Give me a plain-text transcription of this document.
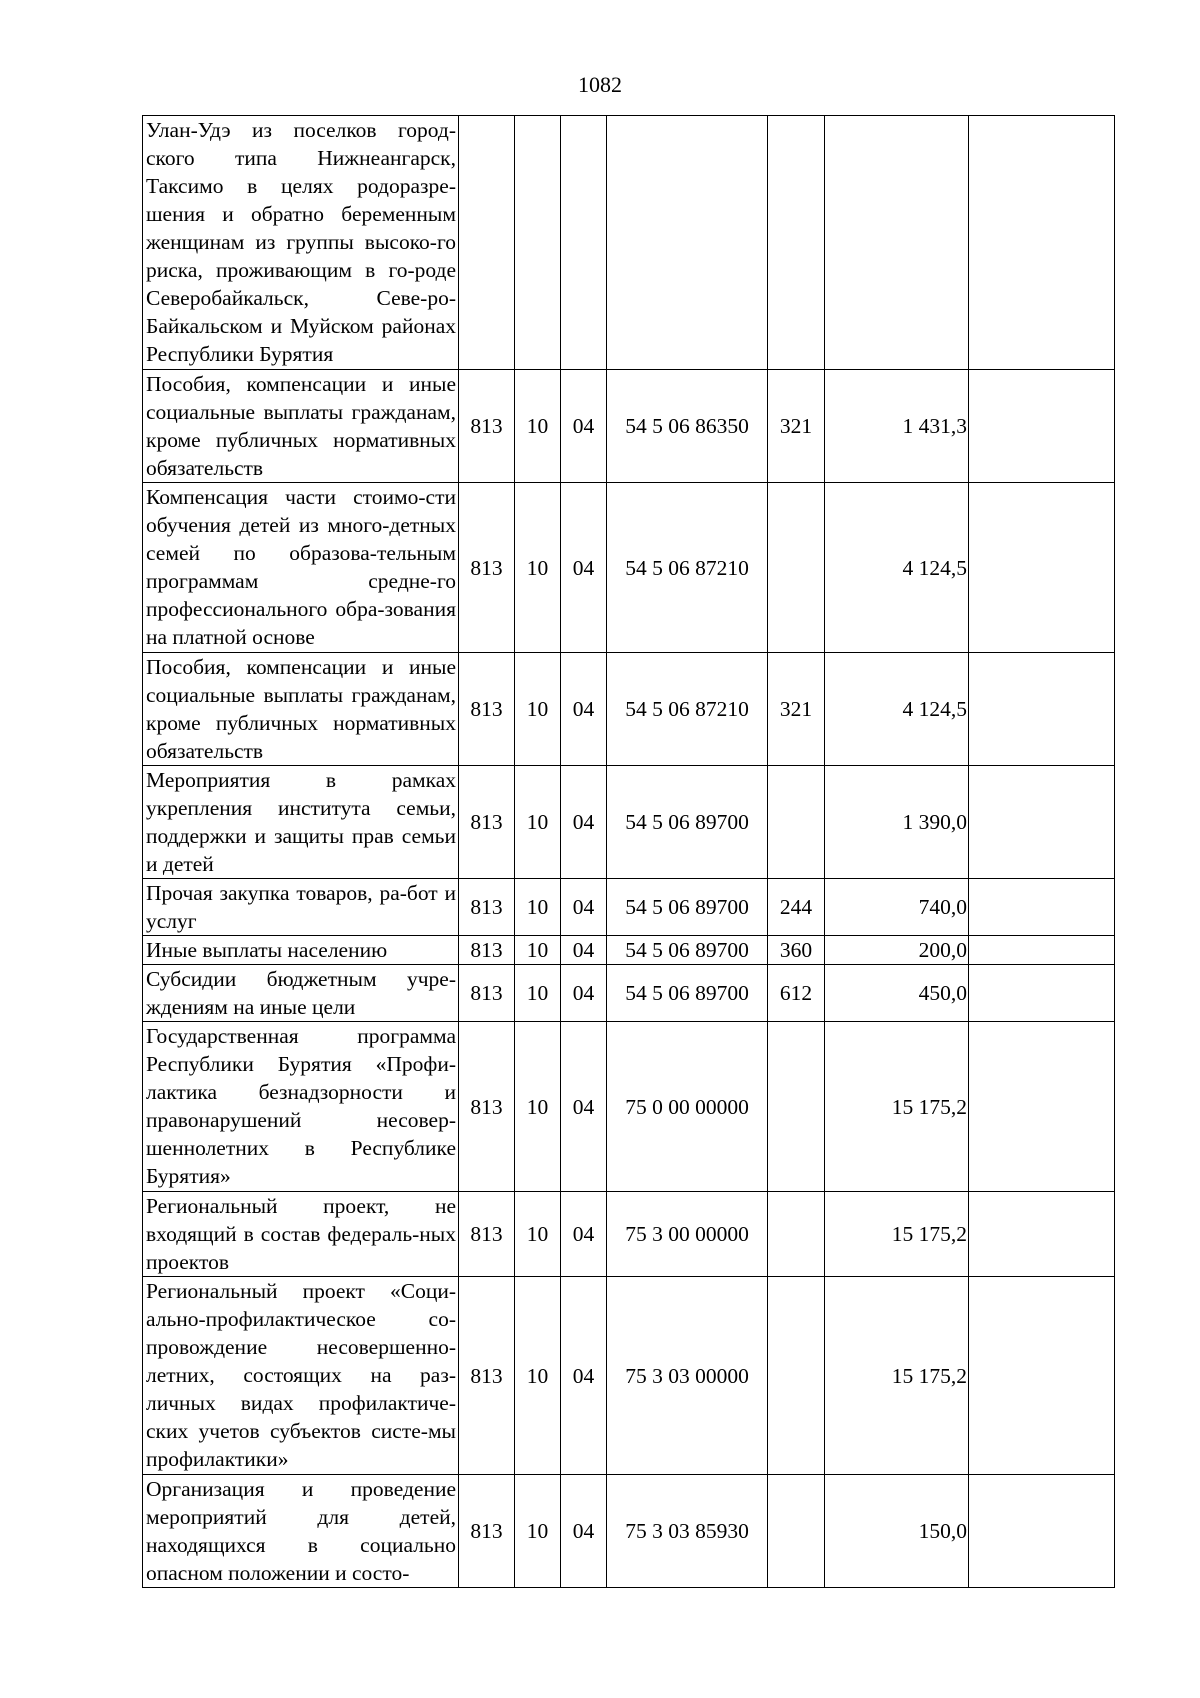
1082
Улан-Удэ из поселков город-ского типа Нижнеангарск, Таксимо в целях родоразре-шения и обратно беременным женщинам из группы высоко-го риска, проживающим в го-роде Северобайкальск, Севе-ро-Байкальском и Муйском районах Республики Бурятия							
Пособия, компенсации и иные социальные выплаты гражданам, кроме публичных нормативных обязательств	813	10	04	54 5 06 86350	321	1 431,3	
Компенсация части стоимо-сти обучения детей из много-детных семей по образова-тельным программам средне-го профессионального обра-зования на платной основе	813	10	04	54 5 06 87210		4 124,5	
Пособия, компенсации и иные социальные выплаты гражданам, кроме публичных нормативных обязательств	813	10	04	54 5 06 87210	321	4 124,5	
Мероприятия в рамках укрепления института семьи, поддержки и защиты прав семьи и детей	813	10	04	54 5 06 89700		1 390,0	
Прочая закупка товаров, ра-бот и услуг	813	10	04	54 5 06 89700	244	740,0	
Иные выплаты населению	813	10	04	54 5 06 89700	360	200,0	
Субсидии бюджетным учре-ждениям на иные цели	813	10	04	54 5 06 89700	612	450,0	
Государственная программа Республики Бурятия «Профи-лактика безнадзорности и правонарушений несовер-шеннолетних в Республике Бурятия»	813	10	04	75 0 00 00000		15 175,2	
Региональный проект, не входящий в состав федераль-ных проектов	813	10	04	75 3 00 00000		15 175,2	
Региональный проект «Соци-ально-профилактическое со-провождение несовершенно-летних, состоящих на раз-личных видах профилактиче-ских учетов субъектов систе-мы профилактики»	813	10	04	75 3 03 00000		15 175,2	
Организация и проведение мероприятий для детей, находящихся в социально опасном положении и состо-	813	10	04	75 3 03 85930		150,0	
